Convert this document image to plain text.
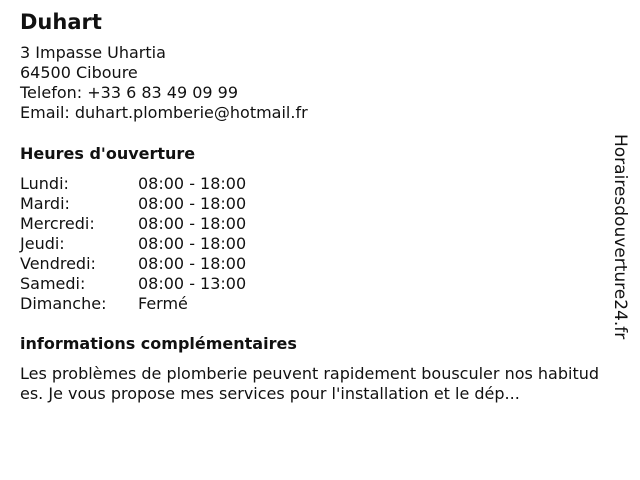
Duhart
3 Impasse Uhartia
64500 Ciboure
Telefon: +33 6 83 49 09 99
Email: duhart.plomberie@hotmail.fr
Heures d'ouverture
Lundi:	08:00 - 18:00
Mardi:	08:00 - 18:00
Mercredi:	08:00 - 18:00
Jeudi:	08:00 - 18:00
Vendredi:	08:00 - 18:00
Samedi:	08:00 - 13:00
Dimanche: Fermé
informations complémentaires

Les problèmes de plomberie peuvent rapidement bousculer nos habitudes. Je vous propose mes services pour l'installation et le dép...

Horairesdouverture24.fr
